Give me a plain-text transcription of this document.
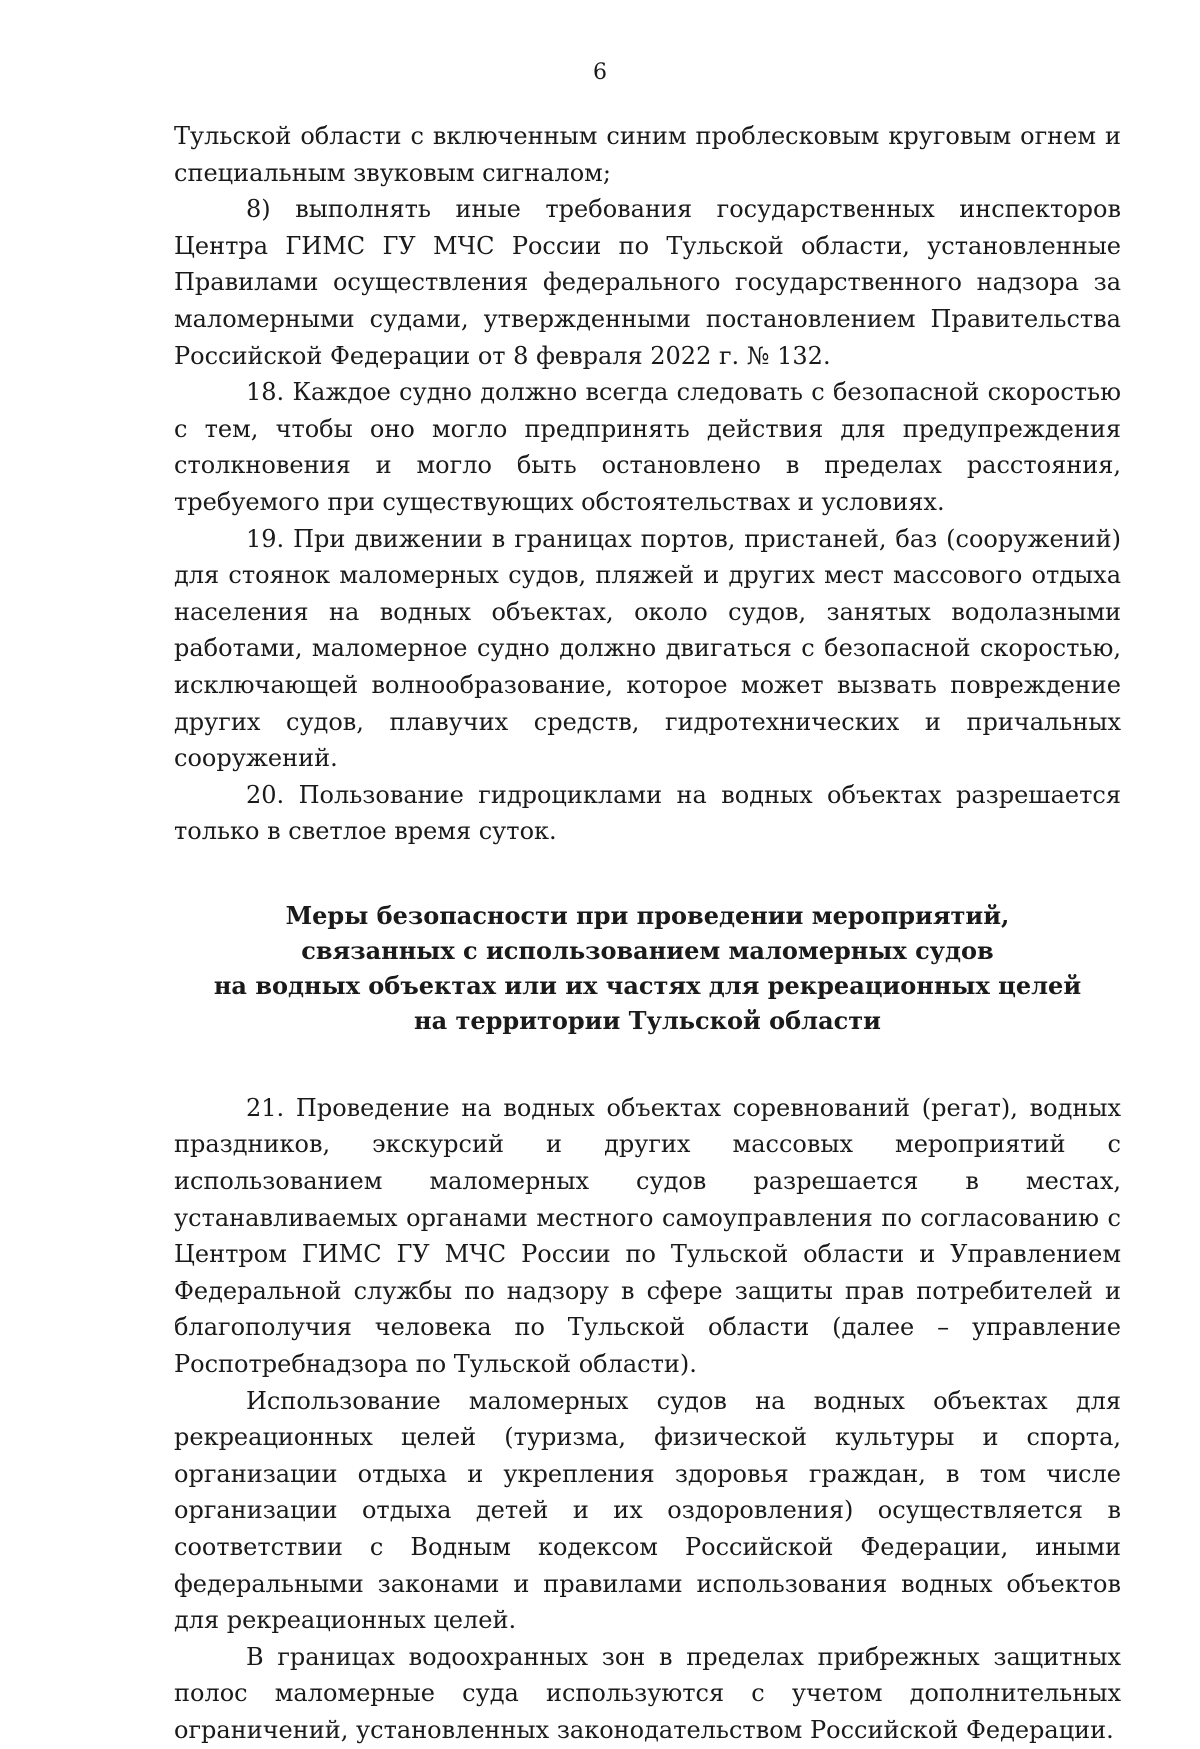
6

Тульской области с включенным синим проблесковым круговым огнем и специальным звуковым сигналом;

8) выполнять иные требования государственных инспекторов Центра ГИМС ГУ МЧС России по Тульской области, установленные Правилами осуществления федерального государственного надзора за маломерными судами, утвержденными постановлением Правительства Российской Федерации от 8 февраля 2022 г. № 132.

18. Каждое судно должно всегда следовать с безопасной скоростью с тем, чтобы оно могло предпринять действия для предупреждения столкновения и могло быть остановлено в пределах расстояния, требуемого при существующих обстоятельствах и условиях.

19. При движении в границах портов, пристаней, баз (сооружений) для стоянок маломерных судов, пляжей и других мест массового отдыха населения на водных объектах, около судов, занятых водолазными работами, маломерное судно должно двигаться с безопасной скоростью, исключающей волнообразование, которое может вызвать повреждение других судов, плавучих средств, гидротехнических и причальных сооружений.

20. Пользование гидроциклами на водных объектах разрешается только в светлое время суток.

Меры безопасности при проведении мероприятий,
связанных с использованием маломерных судов
на водных объектах или их частях для рекреационных целей
на территории Тульской области

21. Проведение на водных объектах соревнований (регат), водных праздников, экскурсий и других массовых мероприятий с использованием маломерных судов разрешается в местах, устанавливаемых органами местного самоуправления по согласованию с Центром ГИМС ГУ МЧС России по Тульской области и Управлением Федеральной службы по надзору в сфере защиты прав потребителей и благополучия человека по Тульской области (далее – управление Роспотребнадзора по Тульской области).

Использование маломерных судов на водных объектах для рекреационных целей (туризма, физической культуры и спорта, организации отдыха и укрепления здоровья граждан, в том числе организации отдыха детей и их оздоровления) осуществляется в соответствии с Водным кодексом Российской Федерации, иными федеральными законами и правилами использования водных объектов для рекреационных целей.

В границах водоохранных зон в пределах прибрежных защитных полос маломерные суда используются с учетом дополнительных ограничений, установленных законодательством Российской Федерации.
